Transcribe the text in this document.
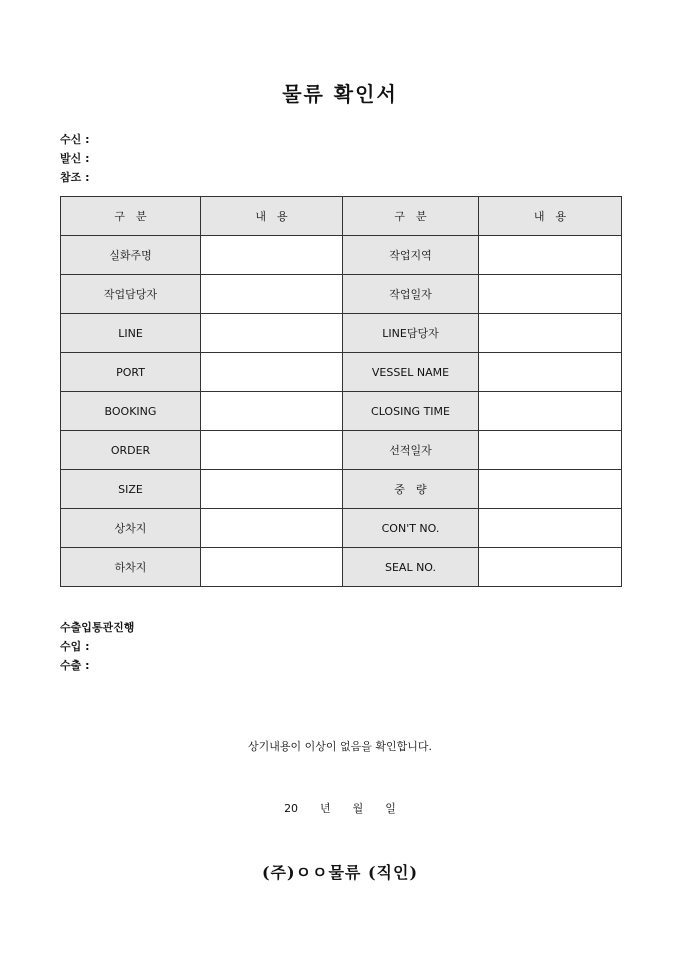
물류 확인서
수신 :
발신 :
참조 :
구　분	내　용	구　분	내　용
실화주명		작업지역	
작업담당자		작업일자	
LINE		LINE담당자	
PORT		VESSEL NAME	
BOOKING		CLOSING TIME	
ORDER		선적일자	
SIZE		중　량	
상차지		CON'T NO.	
하차지		SEAL NO.	
수출입통관진행
수입 :
수출 :
상기내용이 이상이 없음을 확인합니다.
20　　년　　월　　일
(주)ㅇㅇ물류 (직인)
